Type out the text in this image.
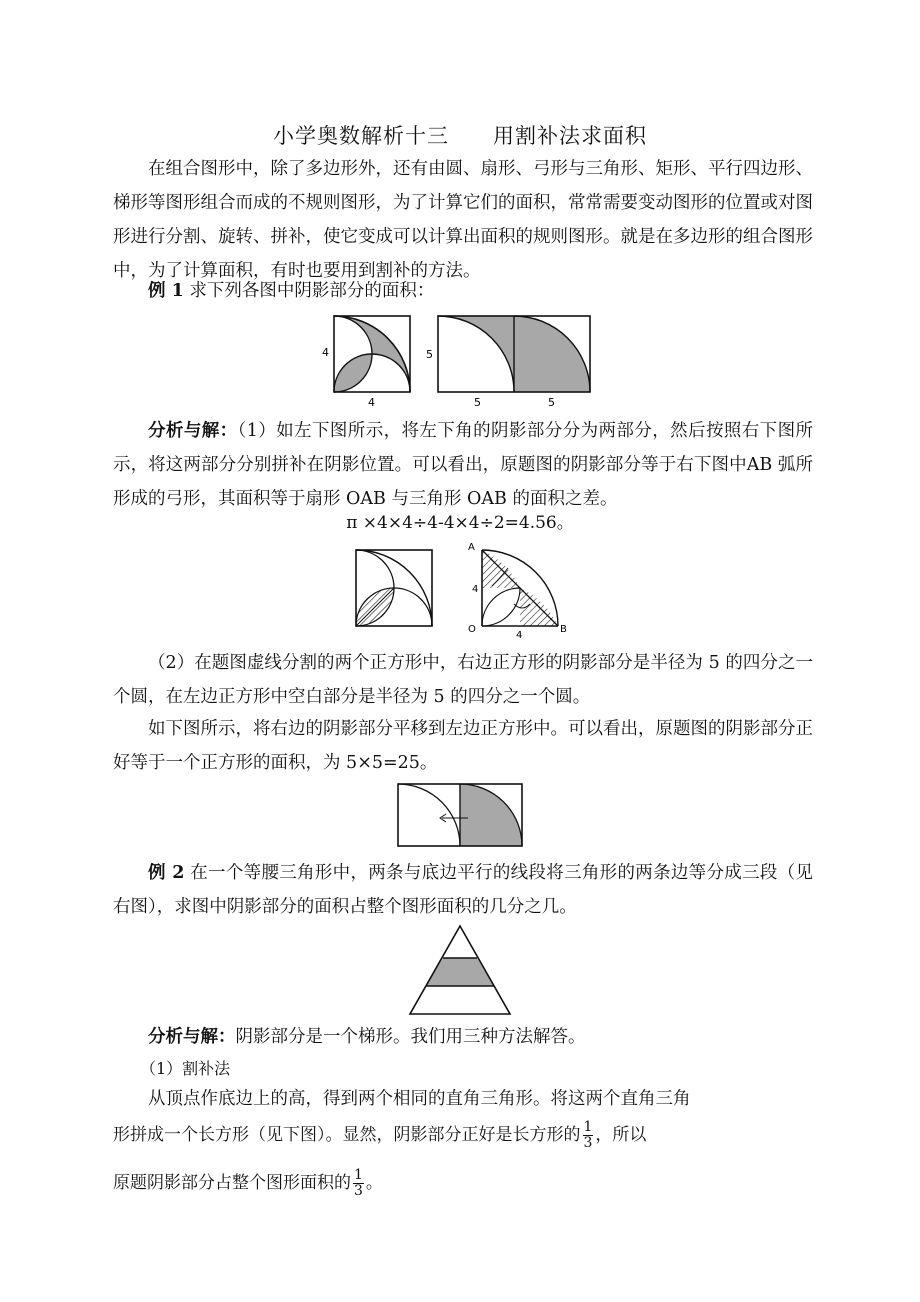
小学奥数解析十三　　用割补法求面积
在组合图形中，除了多边形外，还有由圆、扇形、弓形与三角形、矩形、平行四边形、梯形等图形组合而成的不规则图形，为了计算它们的面积，常常需要变动图形的位置或对图形进行分割、旋转、拼补，使它变成可以计算出面积的规则图形。就是在多边形的组合图形中，为了计算面积，有时也要用到割补的方法。
例 1 求下列各图中阴影部分的面积：
4
4
5
5	5
分析与解：（1）如左下图所示，将左下角的阴影部分分为两部分，然后按照右下图所示，将这两部分分别拼补在阴影位置。可以看出，原题图的阴影部分等于右下图中AB 弧所形成的弓形，其面积等于扇形 OAB 与三角形 OAB 的面积之差。
π ×4×4÷4-4×4÷2=4.56。
A
O	B
4
4
（2）在题图虚线分割的两个正方形中，右边正方形的阴影部分是半径为 5 的四分之一个圆，在左边正方形中空白部分是半径为 5 的四分之一个圆。
如下图所示，将右边的阴影部分平移到左边正方形中。可以看出，原题图的阴影部分正好等于一个正方形的面积，为 5×5=25。
例 2 在一个等腰三角形中，两条与底边平行的线段将三角形的两条边等分成三段（见右图），求图中阴影部分的面积占整个图形面积的几分之几。
分析与解：阴影部分是一个梯形。我们用三种方法解答。
（1）割补法
从顶点作底边上的高，得到两个相同的直角三角形。将这两个直角三角
形拼成一个长方形（见下图）。显然，阴影部分正好是长方形的 $\frac{1}{3}$ ，所以
原题阴影部分占整个图形面积的 $\frac{1}{3}$ 。
